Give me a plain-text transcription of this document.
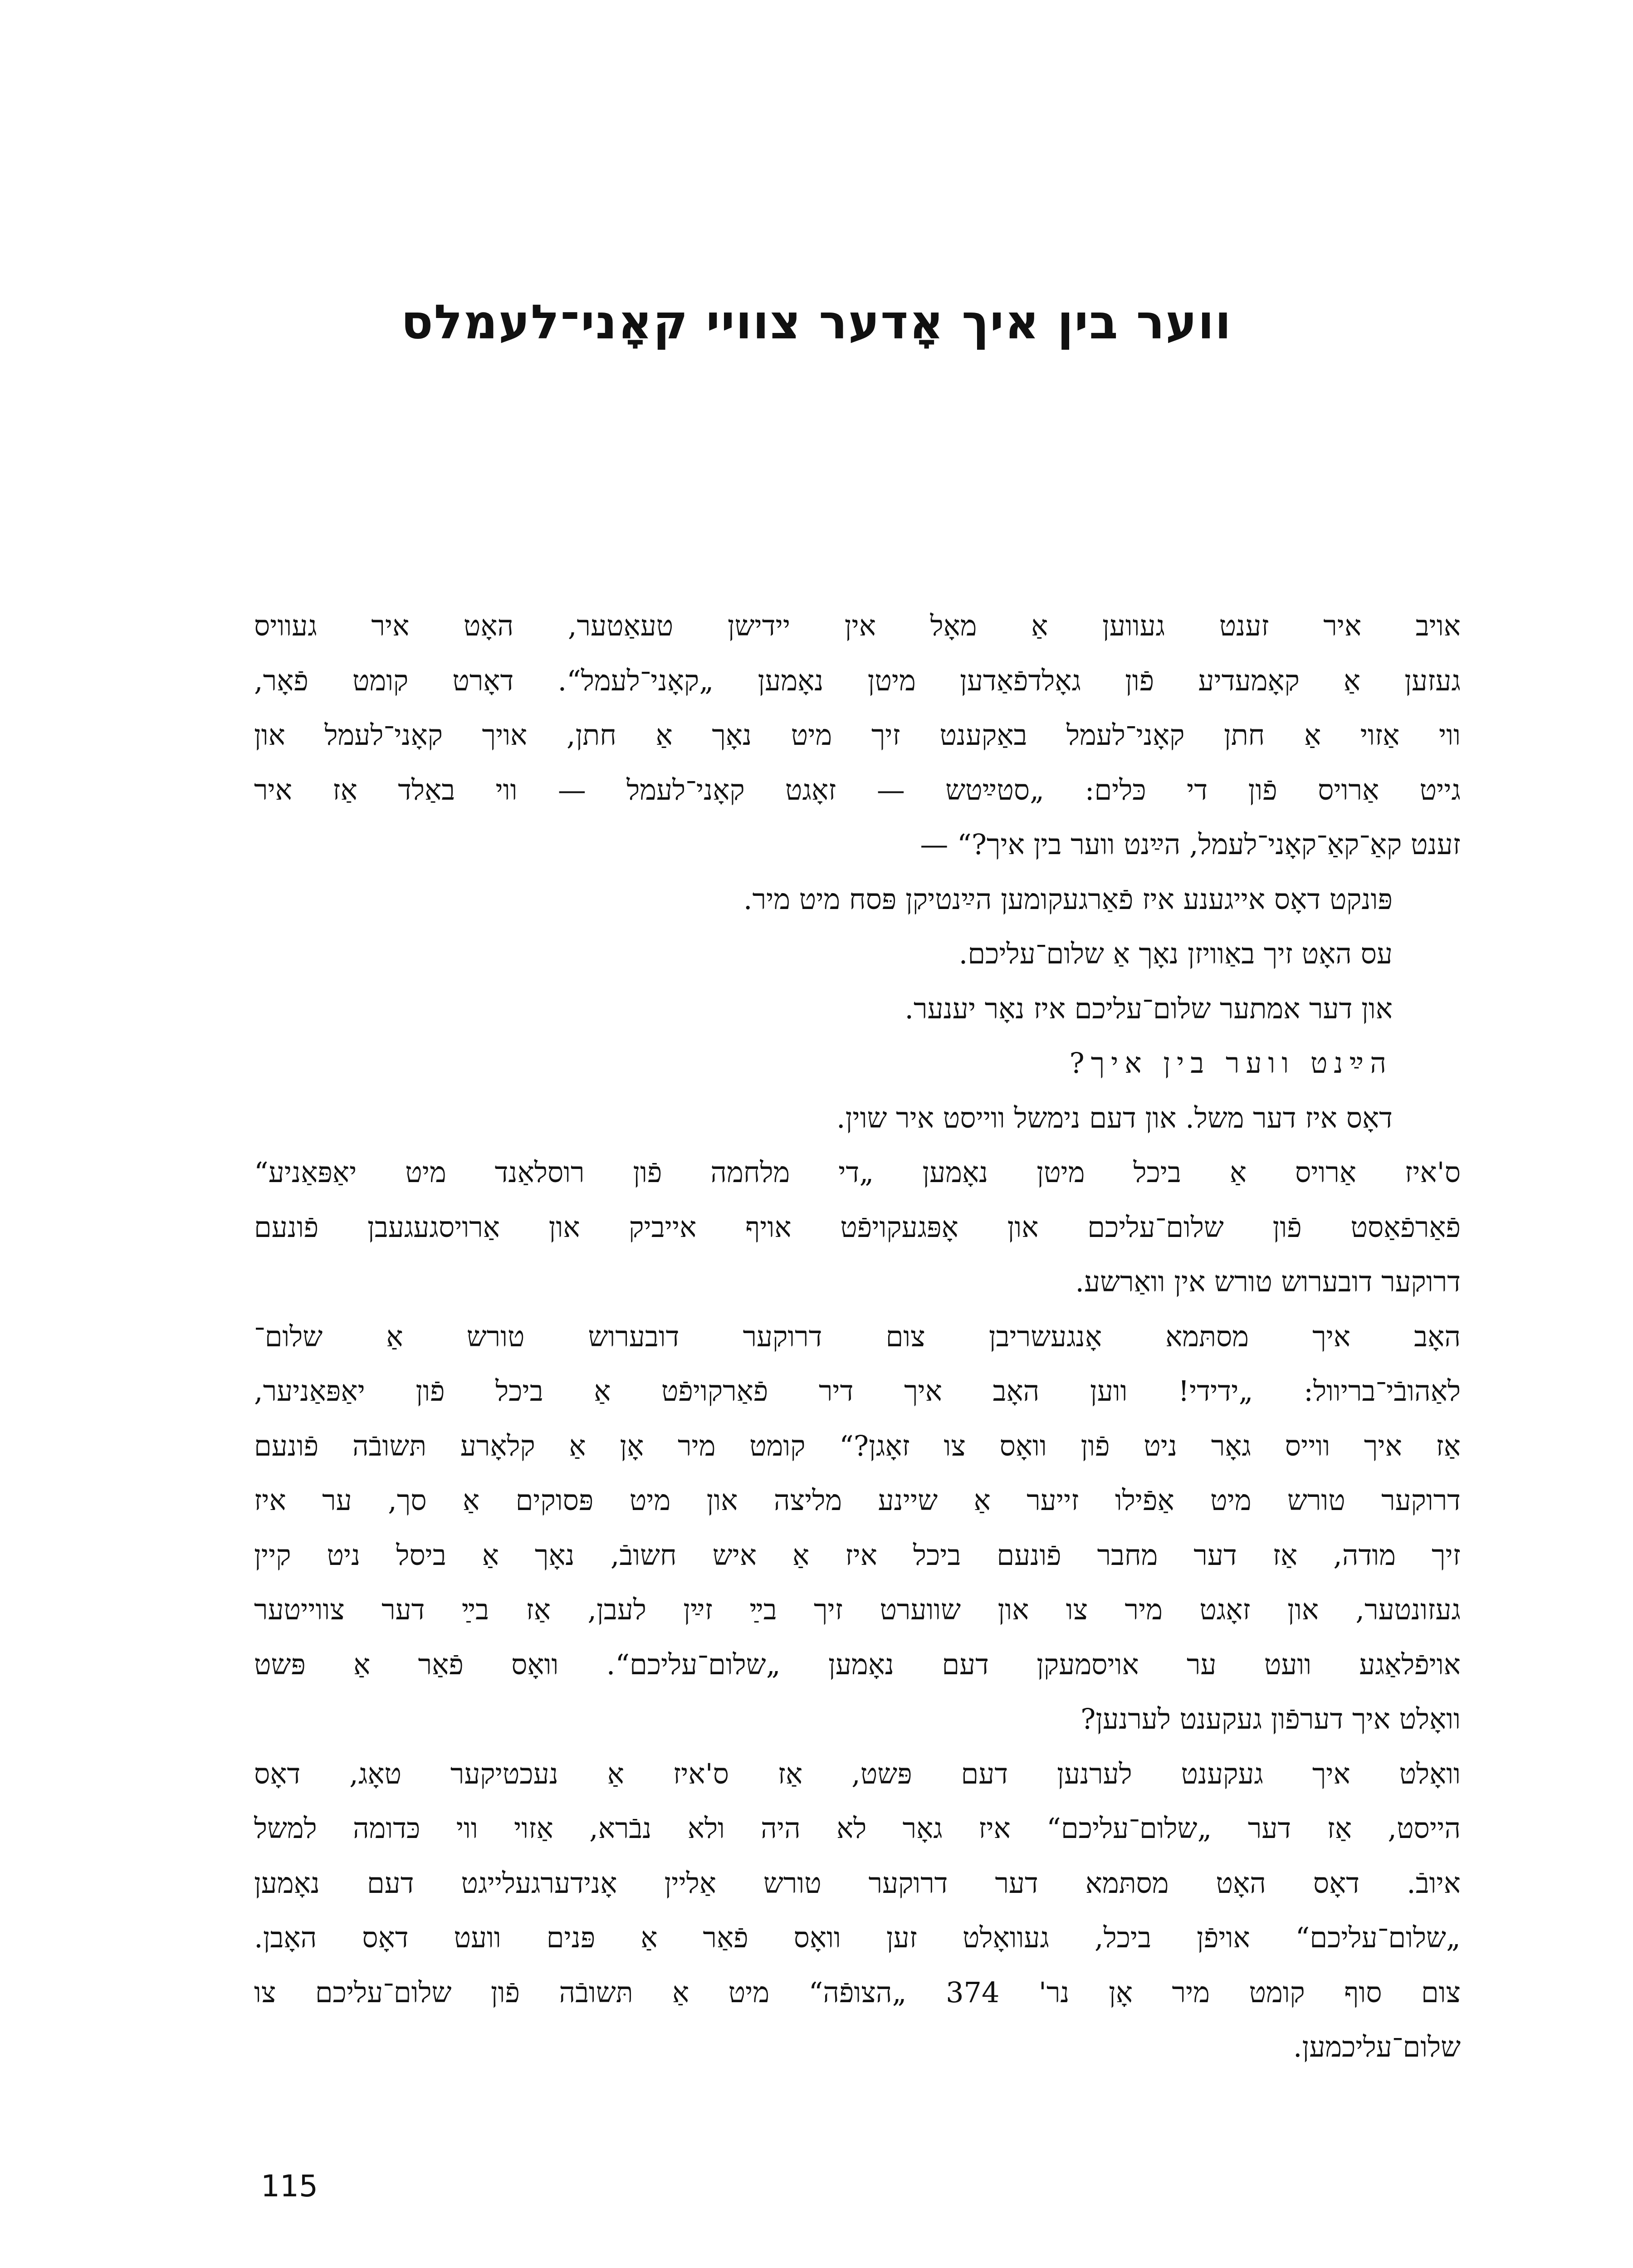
ווער בין איך אָדער צוויי קאָני־לעמלס
אויב איר זענט געווען אַ מאָל אין יידישן טעאַטער, האָט איר געוויס
געזען אַ קאָמעדיע פֿון גאָלדפֿאַדען מיטן נאָמען „קאָני־לעמל“. דאָרט קומט פֿאָר,
ווי אַזוי אַ חתן קאָני־לעמל באַקענט זיך מיט נאָך אַ חתן, אויך קאָני־לעמל און
גייט אַרויס פֿון די כּלים: „סטײַטש — זאָגט קאָני־לעמל — ווי באַלד אַז איר
זענט קאַ־קאַ־קאָני־לעמל, הײַנט ווער בין איך?“ —
פּונקט דאָס אייגענע איז פֿאַרגעקומען הײַנטיקן פּסח מיט מיר.
עס האָט זיך באַוויזן נאָך אַ שלום־עליכם.
און דער אמתער שלום־עליכם איז נאָר יענער.
הײַנט ווער בין איך?
דאָס איז דער משל. און דעם נימשל ווייסט איר שוין.
ס'איז אַרויס אַ ביכל מיטן נאָמען „די מלחמה פֿון רוסלאַנד מיט יאַפּאַניע“
פֿאַרפֿאַסט פֿון שלום־עליכם און אָפּגעקויפֿט אויף אייביק און אַרויסגעגעבן פֿונעם
דרוקער דובערוש טורש אין וואַרשע.
האָב איך מסתּמא אָנגעשריבן צום דרוקער דובערוש טורש אַ שלום־
לאַהובֿי־בריוול: „ידידי! ווען האָב איך דיר פֿאַרקויפֿט אַ ביכל פֿון יאַפּאַניער,
אַז איך ווייס גאָר ניט פֿון וואָס צו זאָגן?“ קומט מיר אָן אַ קלאָרע תּשובֿה פֿונעם
דרוקער טורש מיט אַפֿילו זייער אַ שיינע מליצה און מיט פּסוקים אַ סך, ער איז
זיך מודה, אַז דער מחבר פֿונעם ביכל איז אַ איש חשובֿ, נאָך אַ ביסל ניט קיין
געזונטער, און זאָגט מיר צו און שווערט זיך בײַ זײַן לעבן, אַז בײַ דער צווייטער
אויפֿלאַגע וועט ער אויסמעקן דעם נאָמען „שלום־עליכם“. וואָס פֿאַר אַ פּשט
וואָלט איך דערפֿון געקענט לערנען?
וואָלט איך געקענט לערנען דעם פּשט, אַז ס'איז אַ נעכטיקער טאָג, דאָס
הייסט, אַז דער „שלום־עליכם“ איז גאָר לא היה ולא נבֿרא, אַזוי ווי כּדומה למשל
איובֿ. דאָס האָט מסתּמא דער דרוקער טורש אַליין אָנידערגעלייגט דעם נאָמען
„שלום־עליכם“ אויפֿן ביכל, געוואָלט זען וואָס פֿאַר אַ פּנים וועט דאָס האָבן.
צום סוף קומט מיר אָן נר' 374 „הצופֿה“ מיט אַ תּשובֿה פֿון שלום־עליכם צו
שלום־עליכמען.
115
